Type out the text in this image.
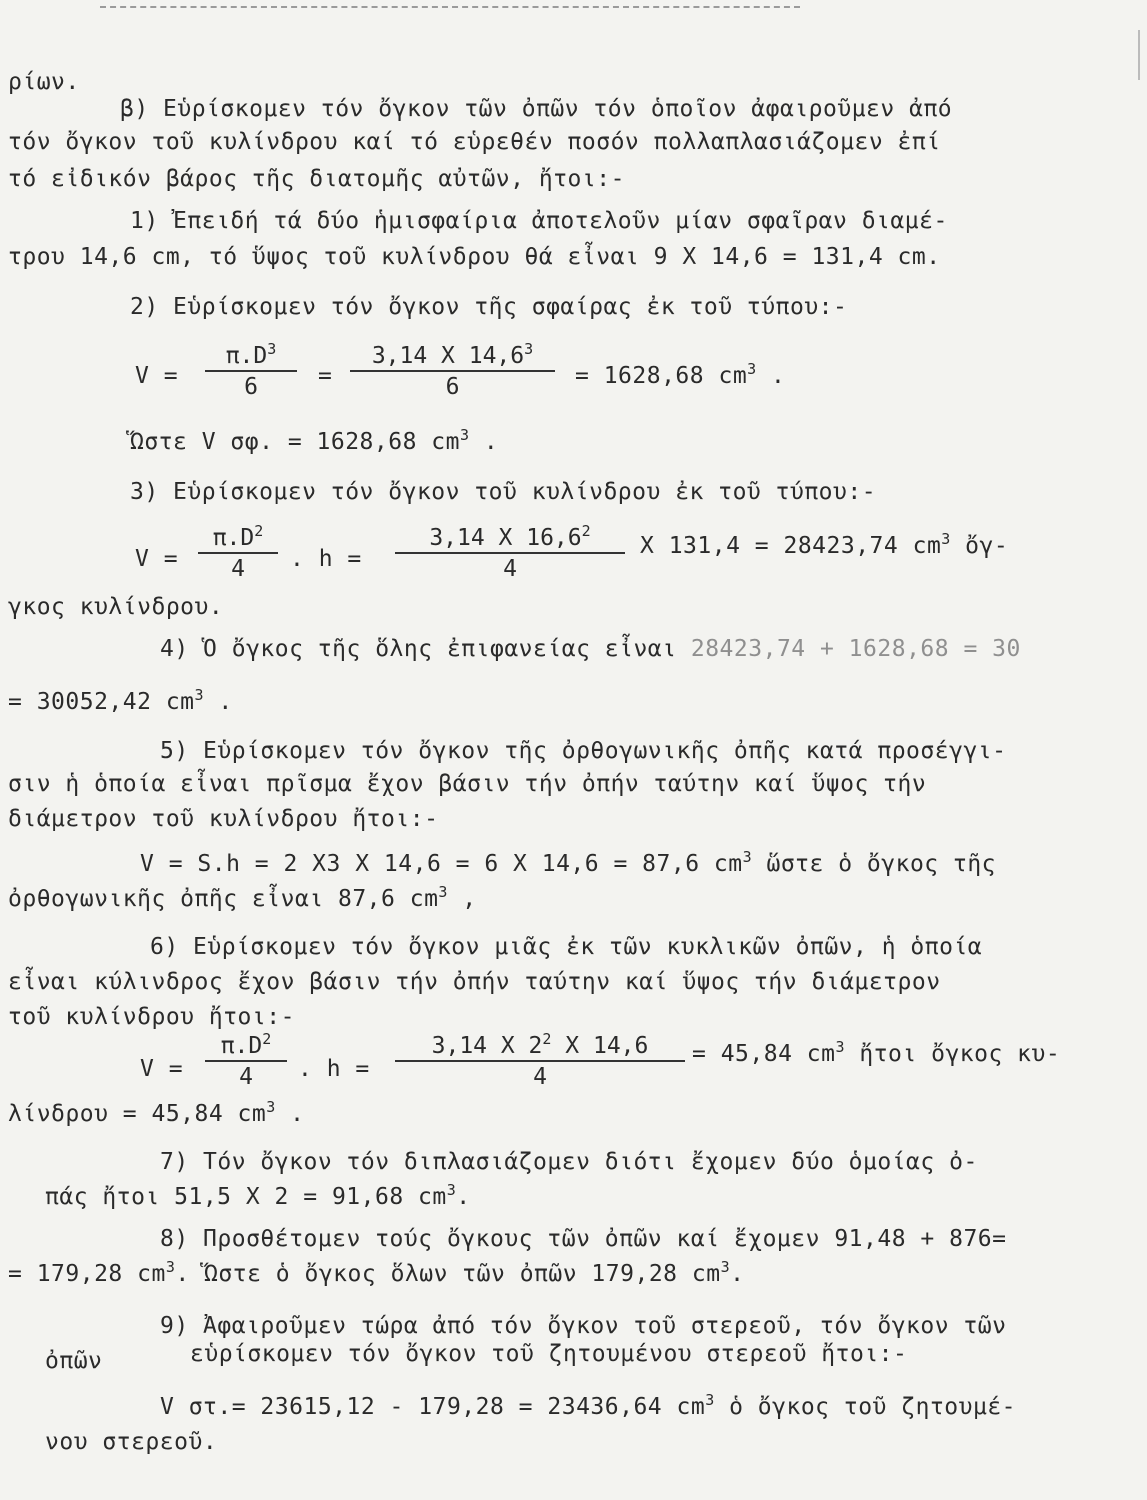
ρίων.
β) Εὑρίσκομεν τόν ὄγκον τῶν ὀπῶν τόν ὁποῖον ἀφαιροῦμεν ἀπό
τόν ὄγκον τοῦ κυλίνδρου καί τό εὑρεθέν ποσόν πολλαπλασιάζομεν ἐπί
τό εἰδικόν βάρος τῆς διατομῆς αὐτῶν, ἤτοι:-
1) Ἐπειδή τά δύο ἡμισφαίρια ἀποτελοῦν μίαν σφαῖραν διαμέ-
τρου 14,6 cm, τό ὕψος τοῦ κυλίνδρου θά εἶναι 9 Χ 14,6 = 131,4 cm.
2) Εὑρίσκομεν τόν ὄγκον τῆς σφαίρας ἐκ τοῦ τύπου:-
$V = \frac{\pi.D^3}{6} = \frac{3,14 X 14,6^3}{6} = 1628,68$ $cm^3$ .
Ὥστε V σφ. = 1628,68 $cm^3$ .
3) Εὑρίσκομεν τόν ὄγκον τοῦ κυλίνδρου ἐκ τοῦ τύπου:-
$V = \frac{\pi.D^2}{4}$ . $h = \frac{3,14 X 16,6^2}{4}$ Χ 131,4 = 28423,74 $cm^3$ ὄγ-
γκος κυλίνδρου.
4) Ὁ ὄγκος τῆς ὅλης ἐπιφανείας εἶναι 28423,74 + 1628,68 = 30
= 30052,42 $cm^3$ .
5) Εὑρίσκομεν τόν ὄγκον τῆς ὀρθογωνικῆς ὀπῆς κατά προσέγγι-
σιν ἡ ὁποία εἶναι πρῖσμα ἔχον βάσιν τήν ὀπήν ταύτην καί ὕψος τήν
διάμετρον τοῦ κυλίνδρου ἤτοι:-
V = S.h = 2 Χ3 Χ 14,6 = 6 Χ 14,6 = 87,6 $cm^3$ ὥστε ὁ ὄγκος τῆς
ὀρθογωνικῆς ὀπῆς εἶναι 87,6 $cm^3$ ,
6) Εὑρίσκομεν τόν ὄγκον μιᾶς ἐκ τῶν κυκλικῶν ὀπῶν, ἡ ὁποία
εἶναι κύλινδρος ἔχον βάσιν τήν ὀπήν ταύτην καί ὕψος τήν διάμετρον
τοῦ κυλίνδρου ἤτοι:-
$V = \frac{\pi.D^2}{4}$ . $h = \frac{3,14 X 2^2 X 14,6}{4} = 45,84$ $cm^3$ ἤτοι ὄγκος κυ-
λίνδρου = 45,84 $cm^3$ .
7) Τόν ὄγκον τόν διπλασιάζομεν διότι ἔχομεν δύο ὁμοίας ὀ-
πάς ἤτοι 51,5 Χ 2 = 91,68 $cm^3$.
8) Προσθέτομεν τούς ὄγκους τῶν ὀπῶν καί ἔχομεν 91,48 + 876=
= 179,28 $cm^3$. Ὥστε ὁ ὄγκος ὅλων τῶν ὀπῶν 179,28 $cm^3$.
9) Ἀφαιροῦμεν τώρα ἀπό τόν ὄγκον τοῦ στερεοῦ, τόν ὄγκον τῶν
ὀπῶν	εὑρίσκομεν τόν ὄγκον τοῦ ζητουμένου στερεοῦ ἤτοι:-
V στ.= 23615,12 - 179,28 = 23436,64 $cm^3$ ὁ ὄγκος τοῦ ζητουμέ-
νου στερεοῦ.
